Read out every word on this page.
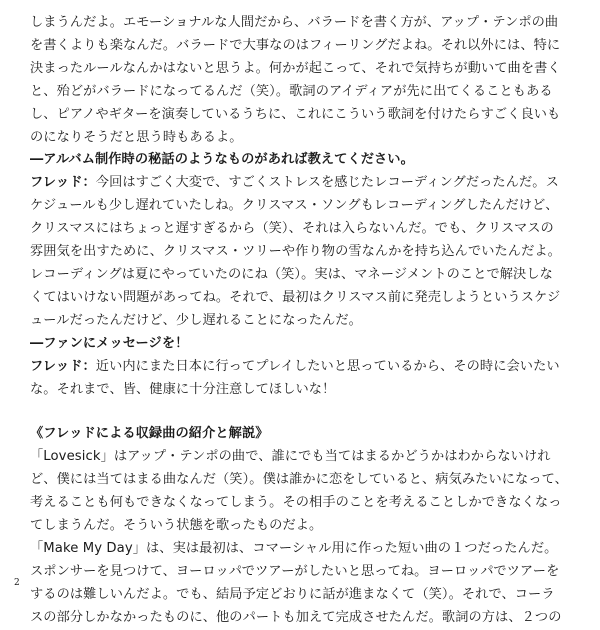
しまうんだよ。エモーショナルな人間だから、バラードを書く方が、アップ・テンポの曲
を書くよりも楽なんだ。バラードで大事なのはフィーリングだよね。それ以外には、特に
決まったルールなんかはないと思うよ。何かが起こって、それで気持ちが動いて曲を書く
と、殆どがバラードになってるんだ（笑）。歌詞のアイディアが先に出てくることもある
し、ピアノやギターを演奏しているうちに、これにこういう歌詞を付けたらすごく良いも
のになりそうだと思う時もあるよ。
―アルバム制作時の秘話のようなものがあれば教えてください。
フレッド：今回はすごく大変で、すごくストレスを感じたレコーディングだったんだ。ス
ケジュールも少し遅れていたしね。クリスマス・ソングもレコーディングしたんだけど、
クリスマスにはちょっと遅すぎるから（笑）、それは入らないんだ。でも、クリスマスの
雰囲気を出すために、クリスマス・ツリーや作り物の雪なんかを持ち込んでいたんだよ。
レコーディングは夏にやっていたのにね（笑）。実は、マネージメントのことで解決しな
くてはいけない問題があってね。それで、最初はクリスマス前に発売しようというスケジ
ュールだったんだけど、少し遅れることになったんだ。
―ファンにメッセージを！
フレッド：近い内にまた日本に行ってプレイしたいと思っているから、その時に会いたい
な。それまで、皆、健康に十分注意してほしいな！
《フレッドによる収録曲の紹介と解説》
「Lovesick」はアップ・テンポの曲で、誰にでも当てはまるかどうかはわからないけれ
ど、僕には当てはまる曲なんだ（笑）。僕は誰かに恋をしていると、病気みたいになって、
考えることも何もできなくなってしまう。その相手のことを考えることしかできなくなっ
てしまうんだ。そういう状態を歌ったものだよ。
「Make My Day」は、実は最初は、コマーシャル用に作った短い曲の１つだったんだ。
スポンサーを見つけて、ヨーロッパでツアーがしたいと思ってね。ヨーロッパでツアーを
するのは難しいんだよ。でも、結局予定どおりに話が進まなくて（笑）。それで、コーラ
スの部分しかなかったものに、他のパートも加えて完成させたんだ。歌詞の方は、２つの
2
